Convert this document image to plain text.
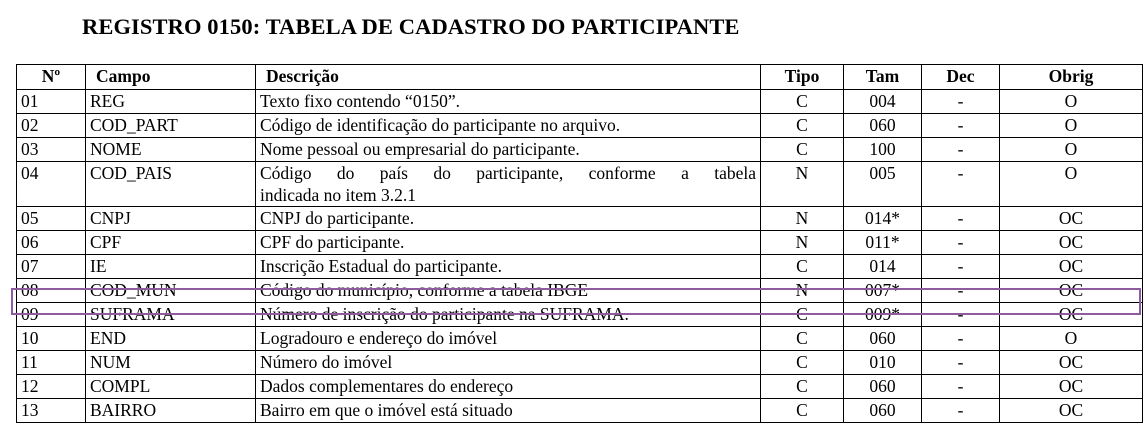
REGISTRO 0150: TABELA DE CADASTRO DO PARTICIPANTE
Nº	Campo	Descrição	Tipo	Tam	Dec	Obrig
01	REG	Texto fixo contendo “0150”.	C	004	-	O
02	COD_PART	Código de identificação do participante no arquivo.	C	060	-	O
03	NOME	Nome pessoal ou empresarial do participante.	C	100	-	O
04	COD_PAIS	Código do país do participante, conforme a tabela
indicada no item 3.2.1	N	005	-	O
05	CNPJ	CNPJ do participante.	N	014*	-	OC
06	CPF	CPF do participante.	N	011*	-	OC
07	IE	Inscrição Estadual do participante.	C	014	-	OC
08	COD_MUN	Código do município, conforme a tabela IBGE	N	007*	-	OC
09	SUFRAMA	Número de inscrição do participante na SUFRAMA.	C	009*	-	OC
10	END	Logradouro e endereço do imóvel	C	060	-	O
11	NUM	Número do imóvel	C	010	-	OC
12	COMPL	Dados complementares do endereço	C	060	-	OC
13	BAIRRO	Bairro em que o imóvel está situado	C	060	-	OC
